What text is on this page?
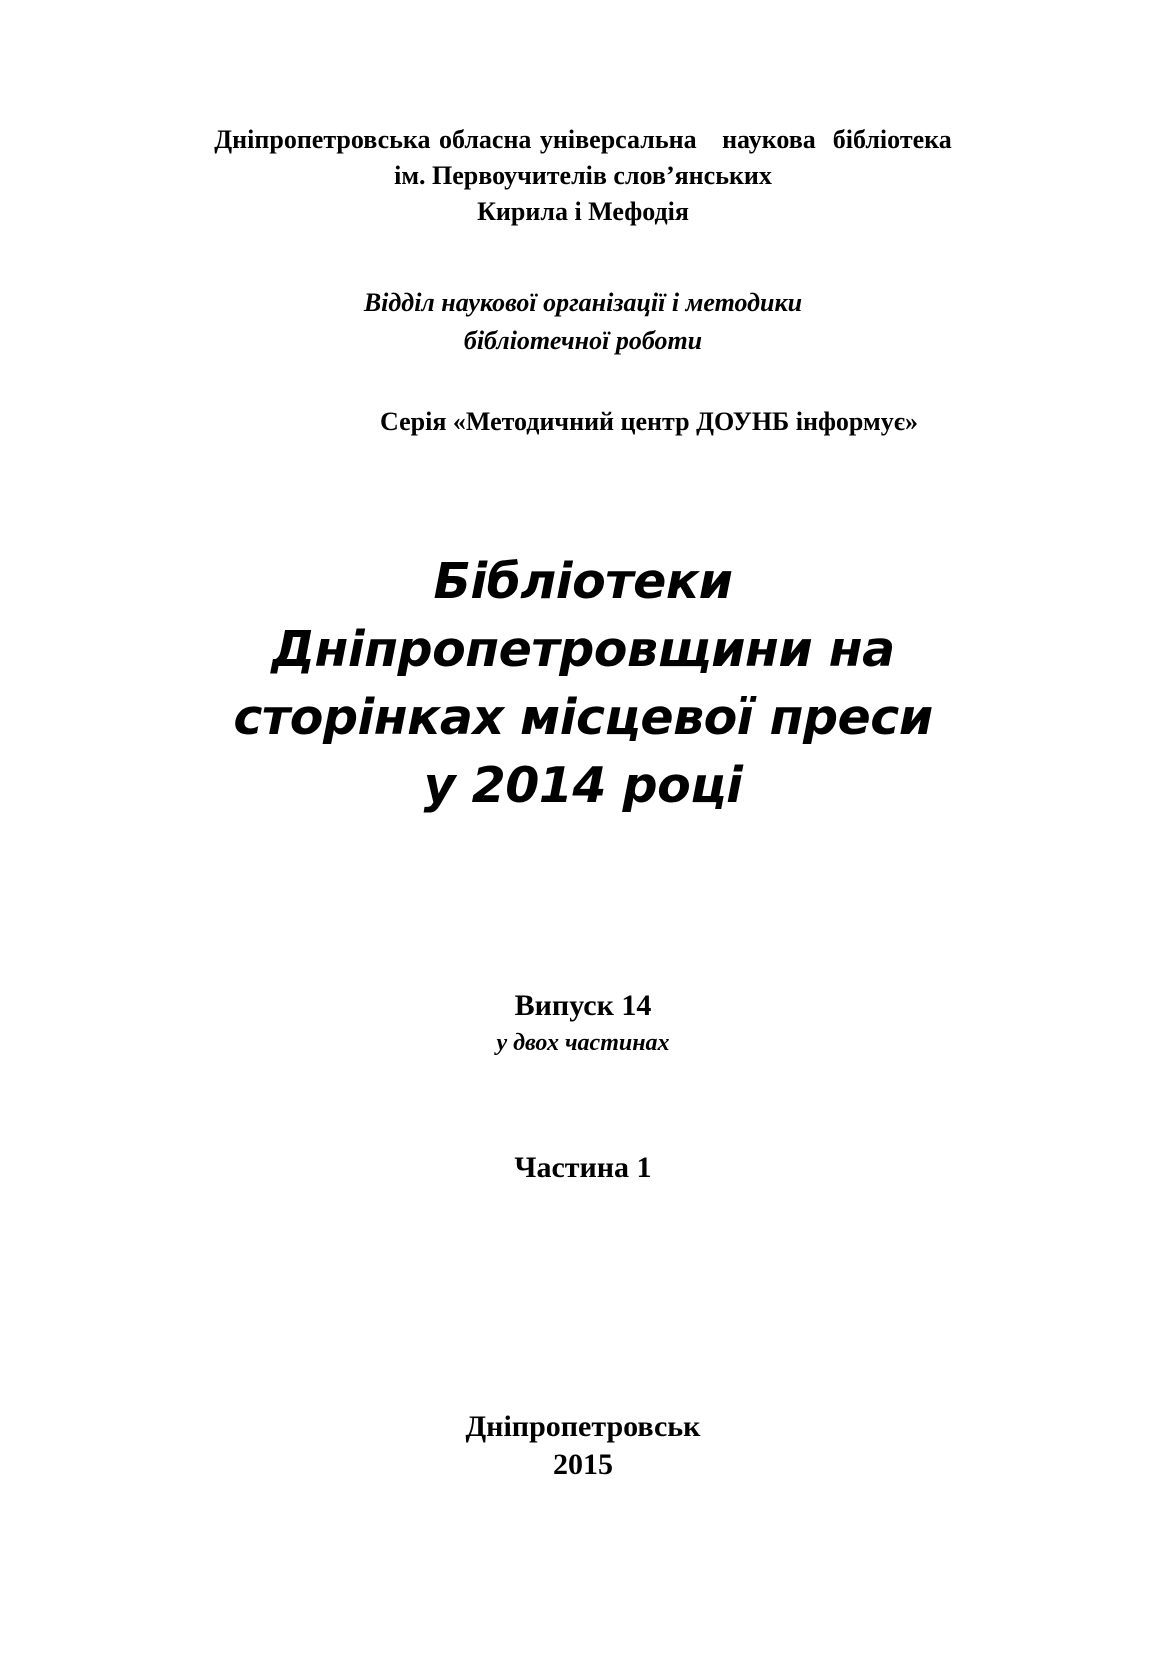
Дніпропетровська обласна універсальна   наукова  бібліотека
ім. Первоучителів слов’янських
Кирила і Мефодія
Відділ наукової організації і методики
бібліотечної роботи
Серія «Методичний центр ДОУНБ інформує»
Бібліотеки
Дніпропетровщини на
сторінках місцевої преси
у 2014 році
Випуск 14
у двох частинах
Частина 1
Дніпропетровськ
2015
